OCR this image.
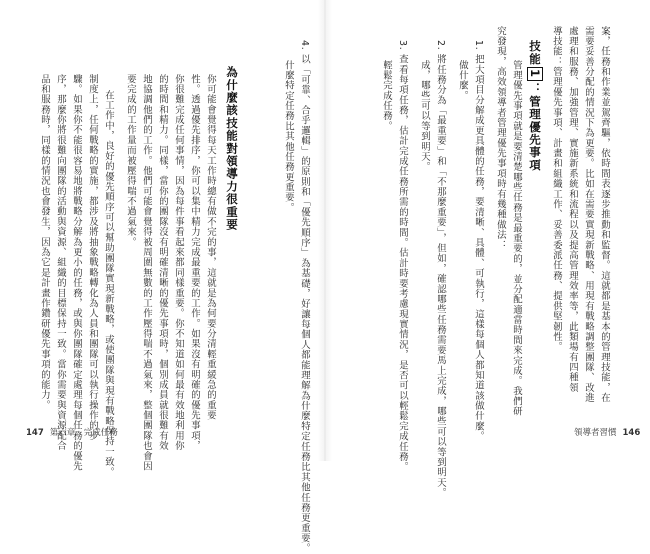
案，任務和作業並駕齊驅，依時間表逐步推動和監督。這就都是基本的管理技能，在
需要妥善分配的情況下為更要。比如在需要實現新戰略、用現有戰略調整團隊、改進
處理和服務、加強管理、實施新系統和流程以及提高管理效率等，此類場有四種領
導技能：管理優先事項、計畫和組織工作、妥善委派任務、提供堅韌性。
技能1：管理優先事項
管理優先事項就是要清楚哪些任務是最重要的，並分配適當時間來完成。我們研
究發現，高效領導者管理優先事項時有幾種做法：
1. 把大項目分解成更具體的任務，要清晰、具體、可執行，這樣每個人都知道該做什麼。
做什麼。
2. 將任務分為「最重要」和「不那麼重要」，但如，確認哪些任務需要馬上完成，哪些可以等到明天。
成，哪些可以等到明天。
3. 查看每項任務，估計完成任務所需的時間。估計時要考慮現實情況，是否可以輕鬆完成任務。
輕鬆完成任務。
4. 以「可靠、合乎邏輯」的原則和「優先順序」為基礎，好讓每個人都能理解為什麼特定任務比其他任務更重要。
什麼特定任務比其他任務更重要。
為什麼該技能對領導力很重要
你可能會覺得每天工作時總有做不完的事，這就是為何要分清輕重緩急的重要
性。透過優先排序，你可以集中精力完成最重要的工作。如果沒有明確的優先事項，
你很難完成任何事情，因為每件事看起來都同樣重要。你不知道如何最有效地利用你
的時間和精力。同樣，當你的團隊沒有明確清晰的優先事項時，個別成員就很難有效
地協調他們的工作。他們可能會覺得被周圍無數的工作壓得喘不過氣來，整個團隊也會因
要完成的工作量而被壓得喘不過氣來。
在工作中，良好的優先順序可以幫助團隊實現新戰略，或使團隊與現有戰略保持一致。
制度上，任何戰略的實施，都涉及將抽象戰略轉化為人員和團隊可以執行操作的步
驟。如果你不能很容易地將戰略分解為更小的任務，或與你團隊確定處理每個任務的優先
序，那麼你將很難向團隊的活動與資源、組織的目標保持一致。當你需要與資源配合
品和服務時，同樣的情況也會發生，因為它是計畫作鑽研優先事項的能力。
領導者習慣 146
147 第六章　完成任務
